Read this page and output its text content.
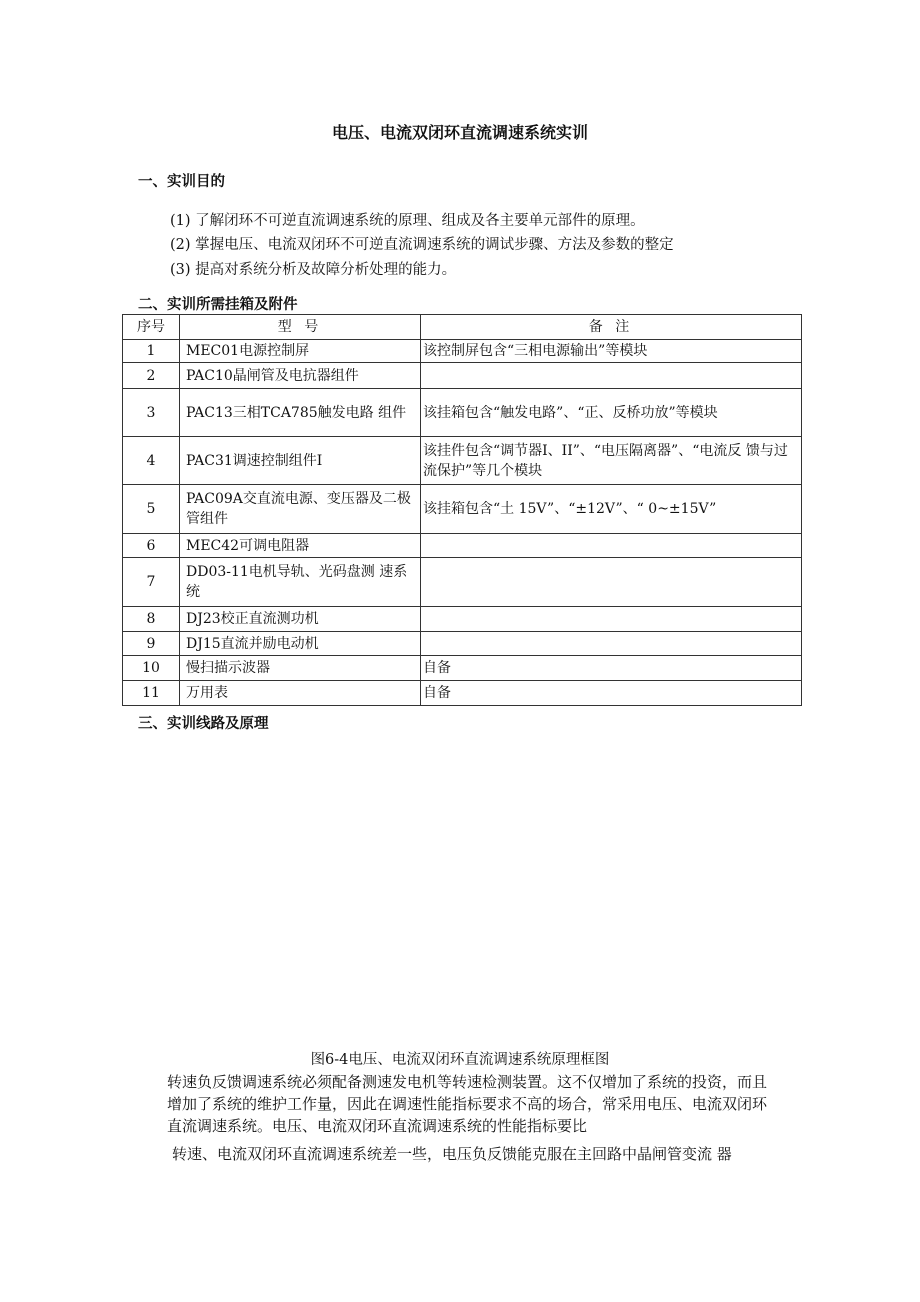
电压、电流双闭环直流调速系统实训
一、实训目的
(1) 了解闭环不可逆直流调速系统的原理、组成及各主要单元部件的原理。
(2) 掌握电压、电流双闭环不可逆直流调速系统的调试步骤、方法及参数的整定
(3) 提高对系统分析及故障分析处理的能力。
二、实训所需挂箱及附件
序号	型 号	备 注
1	MEC01电源控制屏	该控制屏包含“三相电源输出”等模块
2	PAC10晶闸管及电抗器组件	
3	PAC13三相TCA785触发电路 组件	该挂箱包含“触发电路”、“正、反桥功放”等模块
4	PAC31调速控制组件I	该挂件包含“调节器I、II”、“电压隔离器”、“电流反 馈与过流保护”等几个模块
5	PAC09A交直流电源、变压器及二极管组件	该挂箱包含“土 15V”、“±12V”、“ 0~±15V”
6	MEC42可调电阻器	
7	DD03-11电机导轨、光码盘测 速系统	
8	DJ23校正直流测功机	
9	DJ15直流并励电动机	
10	慢扫描示波器	自备
11	万用表	自备
三、实训线路及原理
图6-4电压、电流双闭环直流调速系统原理框图

转速负反馈调速系统必须配备测速发电机等转速检测装置。这不仅增加了系统的投资，而且增加了系统的维护工作量，因此在调速性能指标要求不高的场合，常采用电压、电流双闭环直流调速系统。电压、电流双闭环直流调速系统的性能指标要比

转速、电流双闭环直流调速系统差一些，电压负反馈能克服在主回路中晶闸管变流 器
